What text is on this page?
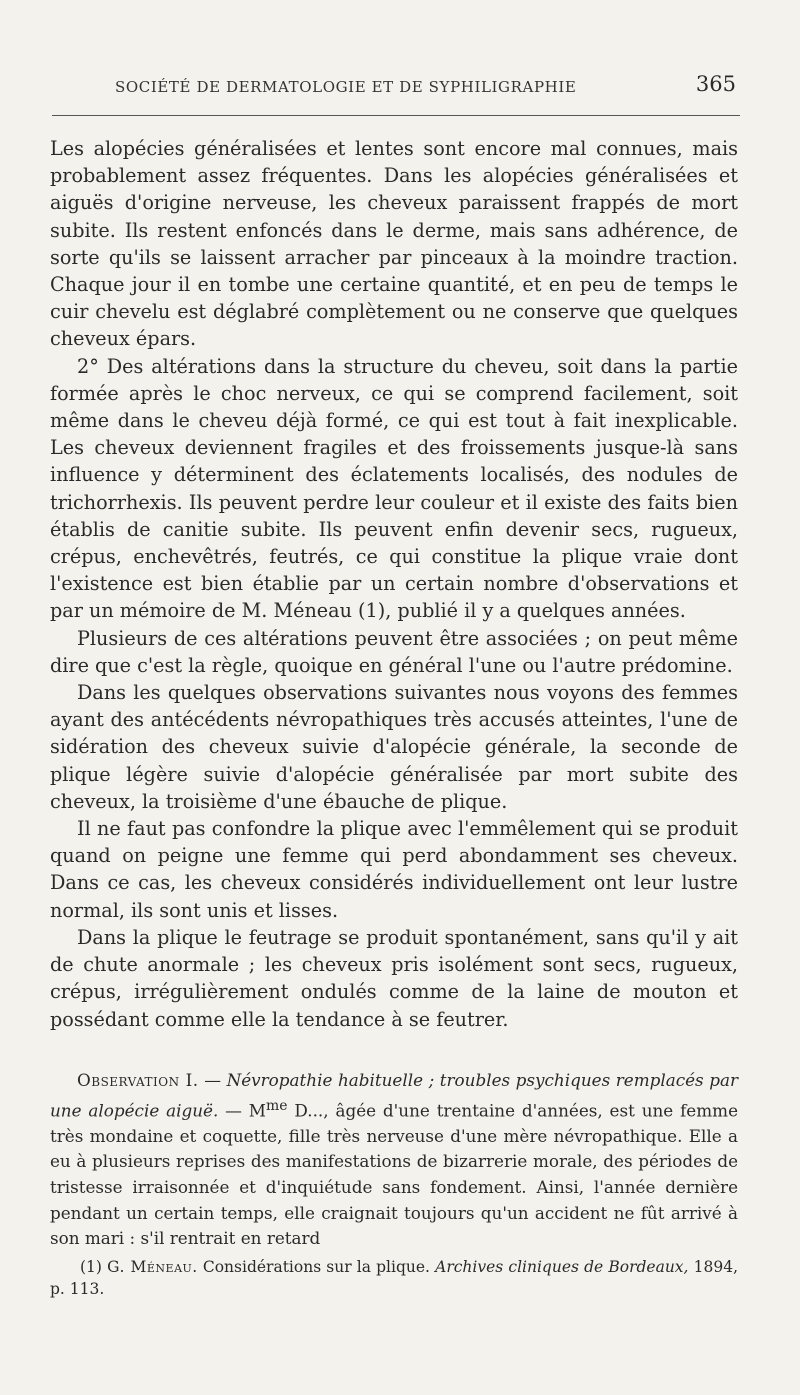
SOCIÉTÉ DE DERMATOLOGIE ET DE SYPHILIGRAPHIE	365

Les alopécies généralisées et lentes sont encore mal connues, mais probablement assez fréquentes. Dans les alopécies généralisées et aiguës d'origine nerveuse, les cheveux paraissent frappés de mort subite. Ils restent enfoncés dans le derme, mais sans adhérence, de sorte qu'ils se laissent arracher par pinceaux à la moindre traction. Chaque jour il en tombe une certaine quantité, et en peu de temps le cuir chevelu est déglabré complètement ou ne conserve que quelques cheveux épars.

2° Des altérations dans la structure du cheveu, soit dans la partie formée après le choc nerveux, ce qui se comprend facilement, soit même dans le cheveu déjà formé, ce qui est tout à fait inexplicable. Les cheveux deviennent fragiles et des froissements jusque-là sans influence y déterminent des éclatements localisés, des nodules de trichorrhexis. Ils peuvent perdre leur couleur et il existe des faits bien établis de canitie subite. Ils peuvent enfin devenir secs, rugueux, crépus, enchevêtrés, feutrés, ce qui constitue la plique vraie dont l'existence est bien établie par un certain nombre d'observations et par un mémoire de M. Méneau (1), publié il y a quelques années.

Plusieurs de ces altérations peuvent être associées ; on peut même dire que c'est la règle, quoique en général l'une ou l'autre prédomine.

Dans les quelques observations suivantes nous voyons des femmes ayant des antécédents névropathiques très accusés atteintes, l'une de sidération des cheveux suivie d'alopécie générale, la seconde de plique légère suivie d'alopécie généralisée par mort subite des cheveux, la troisième d'une ébauche de plique.

Il ne faut pas confondre la plique avec l'emmêlement qui se produit quand on peigne une femme qui perd abondamment ses cheveux. Dans ce cas, les cheveux considérés individuellement ont leur lustre normal, ils sont unis et lisses.

Dans la plique le feutrage se produit spontanément, sans qu'il y ait de chute anormale ; les cheveux pris isolément sont secs, rugueux, crépus, irrégulièrement ondulés comme de la laine de mouton et possédant comme elle la tendance à se feutrer.

Observation I. — Névropathie habituelle ; troubles psychiques remplacés par une alopécie aiguë. — $M^{me}$ D..., âgée d'une trentaine d'années, est une femme très mondaine et coquette, fille très nerveuse d'une mère névropathique. Elle a eu à plusieurs reprises des manifestations de bizarrerie morale, des périodes de tristesse irraisonnée et d'inquiétude sans fondement. Ainsi, l'année dernière pendant un certain temps, elle craignait toujours qu'un accident ne fût arrivé à son mari : s'il rentrait en retard

(1) G. Méneau. Considérations sur la plique. Archives cliniques de Bordeaux, 1894, p. 113.
